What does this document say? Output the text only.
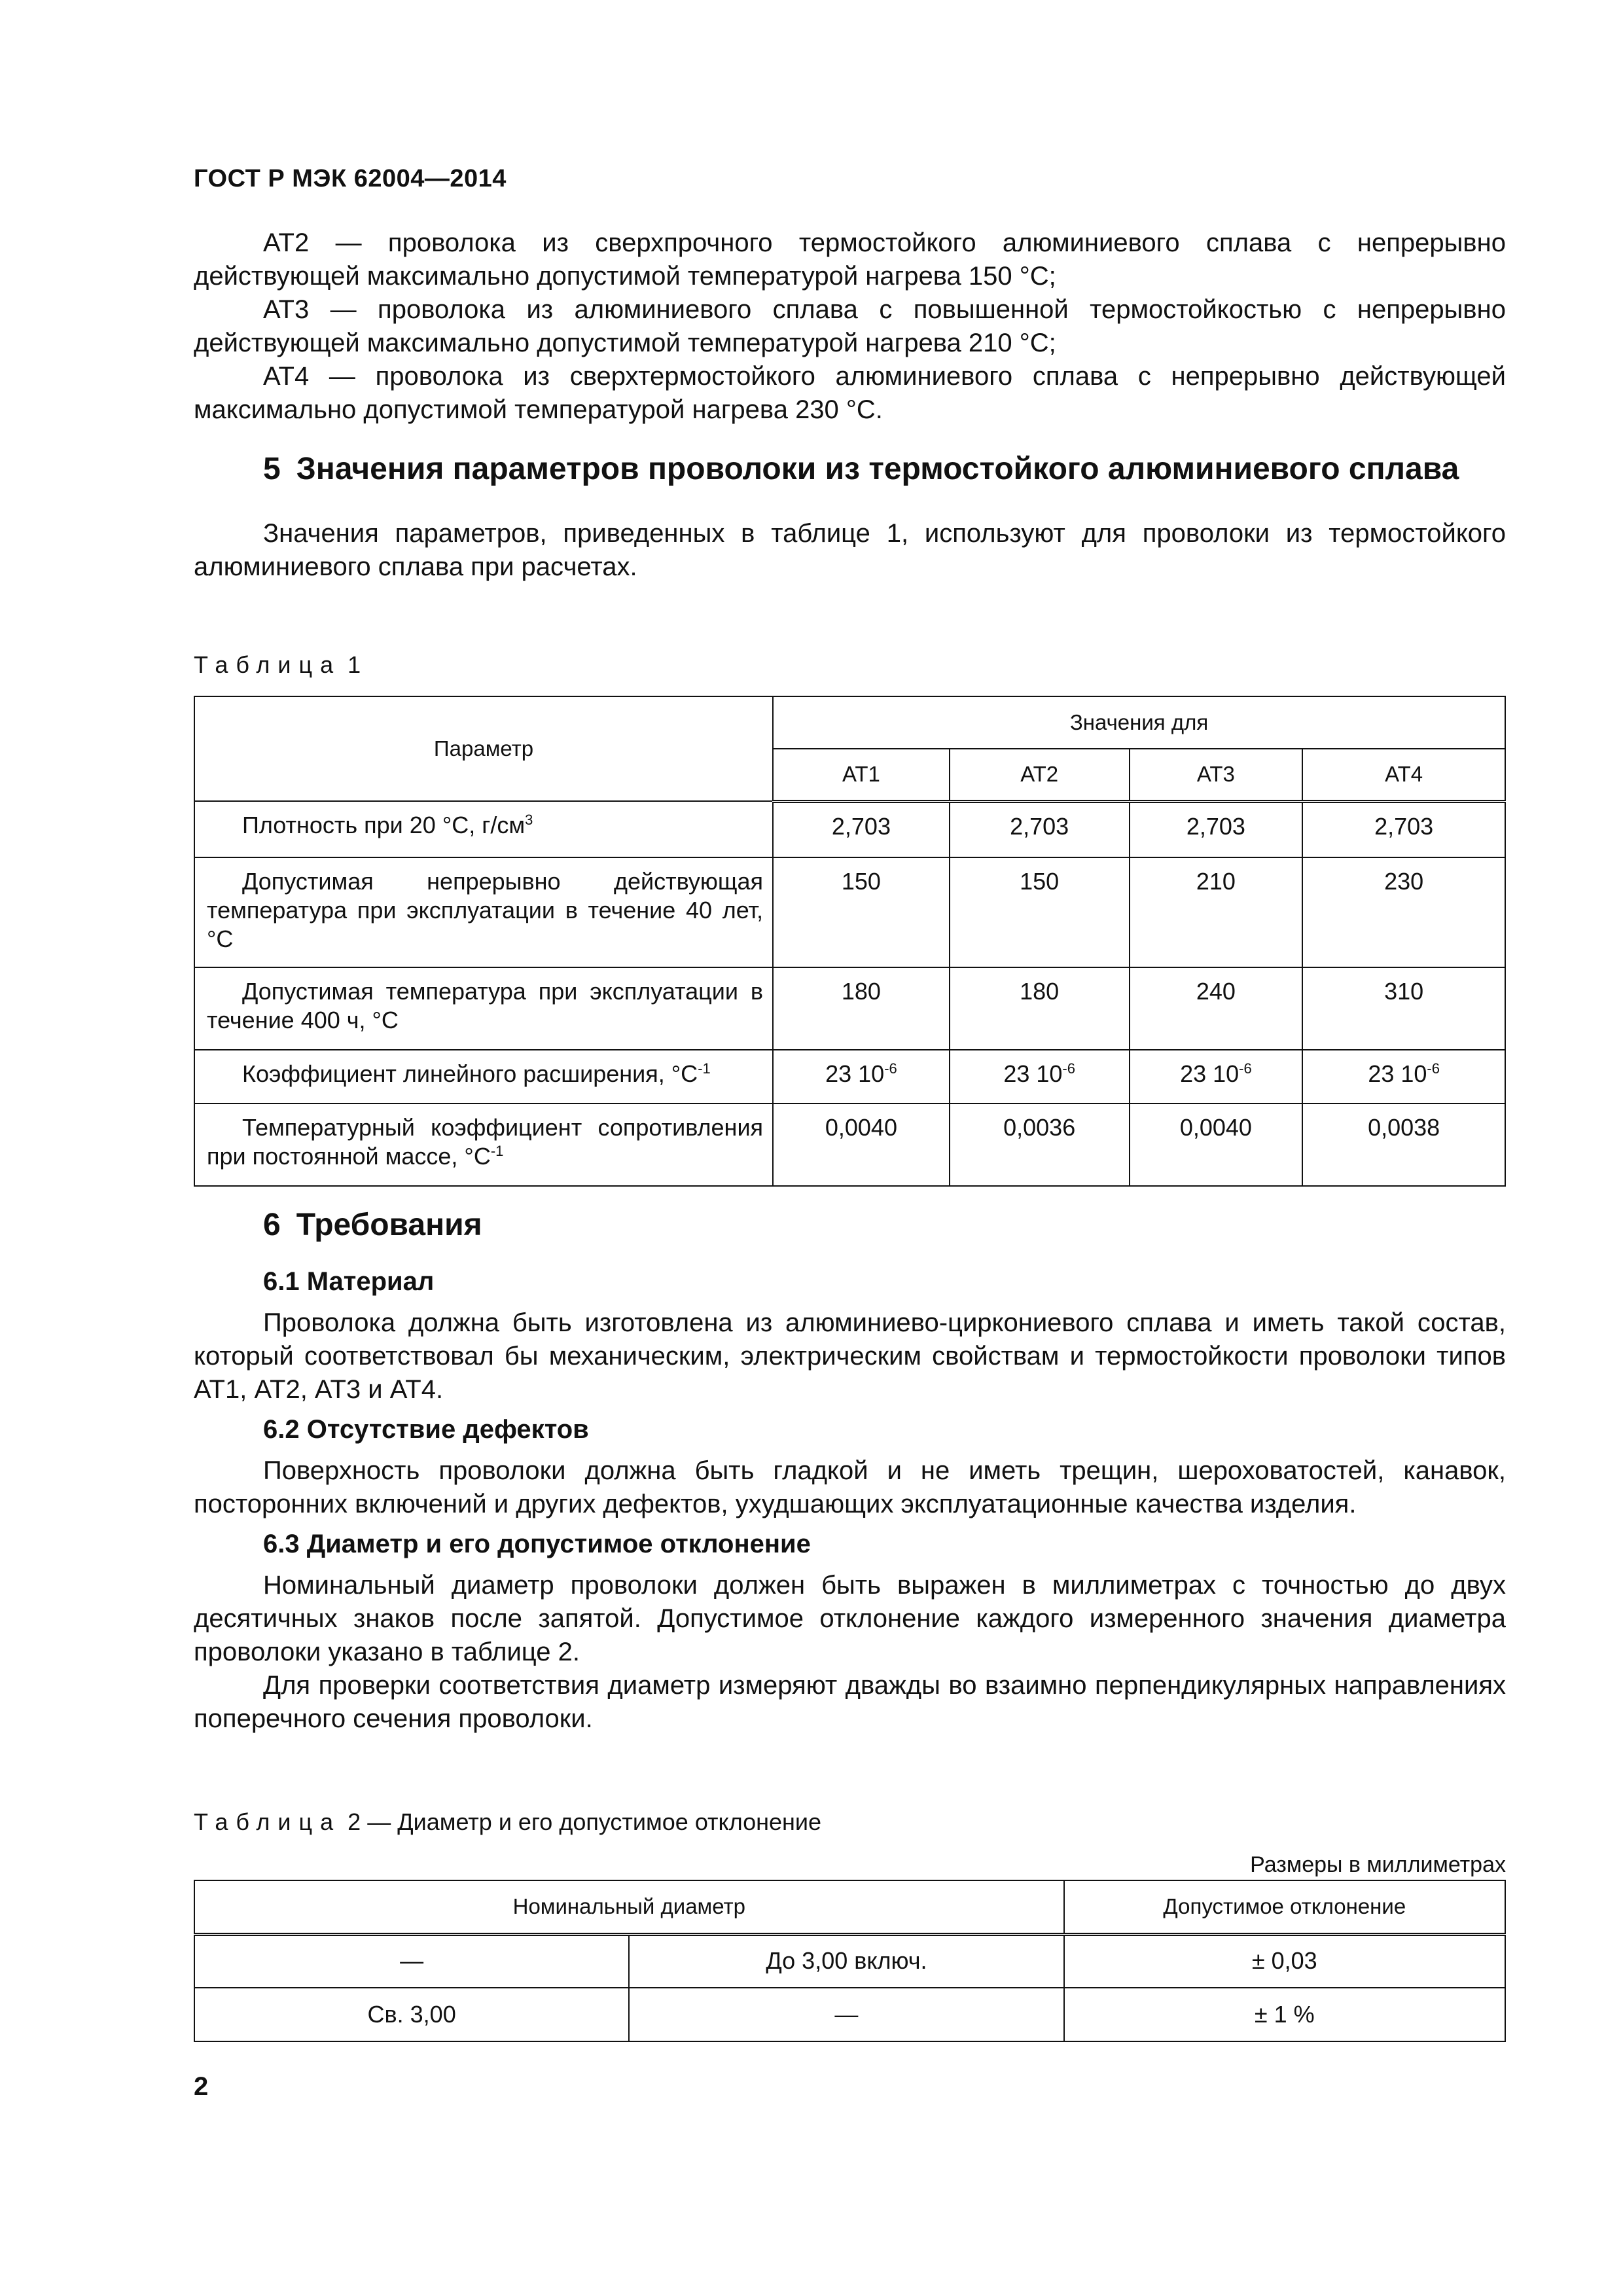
ГОСТ Р МЭК 62004—2014

АТ2 — проволока из сверхпрочного термостойкого алюминиевого сплава с непрерывно действующей максимально допустимой температурой нагрева 150 °С;

АТ3 — проволока из алюминиевого сплава с повышенной термостойкостью с непрерывно действующей максимально допустимой температурой нагрева 210 °С;

АТ4 — проволока из сверхтермостойкого алюминиевого сплава с непрерывно действующей максимально допустимой температурой нагрева 230 °С.

5 Значения параметров проволоки из термостойкого алюминиевого сплава

Значения параметров, приведенных в таблице 1, используют для проволоки из термостойкого алюминиевого сплава при расчетах.

Таблица 1
Параметр	Значения для			
	АТ1	АТ2	АТ3	АТ4
Плотность при 20 °С, $г/см^3$	2,703	2,703	2,703	2,703
Допустимая непрерывно действующая температура при эксплуатации в течение 40 лет, °С	150	150	210	230
Допустимая температура при эксплуатации в течение 400 ч, °С	180	180	240	310
Коэффициент линейного расширения, $^\circ С^{-1}$	23 $10^{-6}$	23 $10^{-6}$	23 $10^{-6}$	23 $10^{-6}$
Температурный коэффициент сопротивления при постоянной массе, $^\circ С^{-1}$	0,0040	0,0036	0,0040	0,0038
6 Требования
6.1 Материал

Проволока должна быть изготовлена из алюминиево-циркониевого сплава и иметь такой состав, который соответствовал бы механическим, электрическим свойствам и термостойкости проволоки типов АТ1, АТ2, АТ3 и АТ4.

6.2 Отсутствие дефектов

Поверхность проволоки должна быть гладкой и не иметь трещин, шероховатостей, канавок, посторонних включений и других дефектов, ухудшающих эксплуатационные качества изделия.

6.3 Диаметр и его допустимое отклонение

Номинальный диаметр проволоки должен быть выражен в миллиметрах с точностью до двух десятичных знаков после запятой. Допустимое отклонение каждого измеренного значения диаметра проволоки указано в таблице 2.

Для проверки соответствия диаметр измеряют дважды во взаимно перпендикулярных направлениях поперечного сечения проволоки.

Таблица 2 — Диаметр и его допустимое отклонение
Размеры в миллиметрах
Номинальный диаметр		Допустимое отклонение
—	До 3,00 включ.	± 0,03
Св. 3,00	—	± 1 %
2
